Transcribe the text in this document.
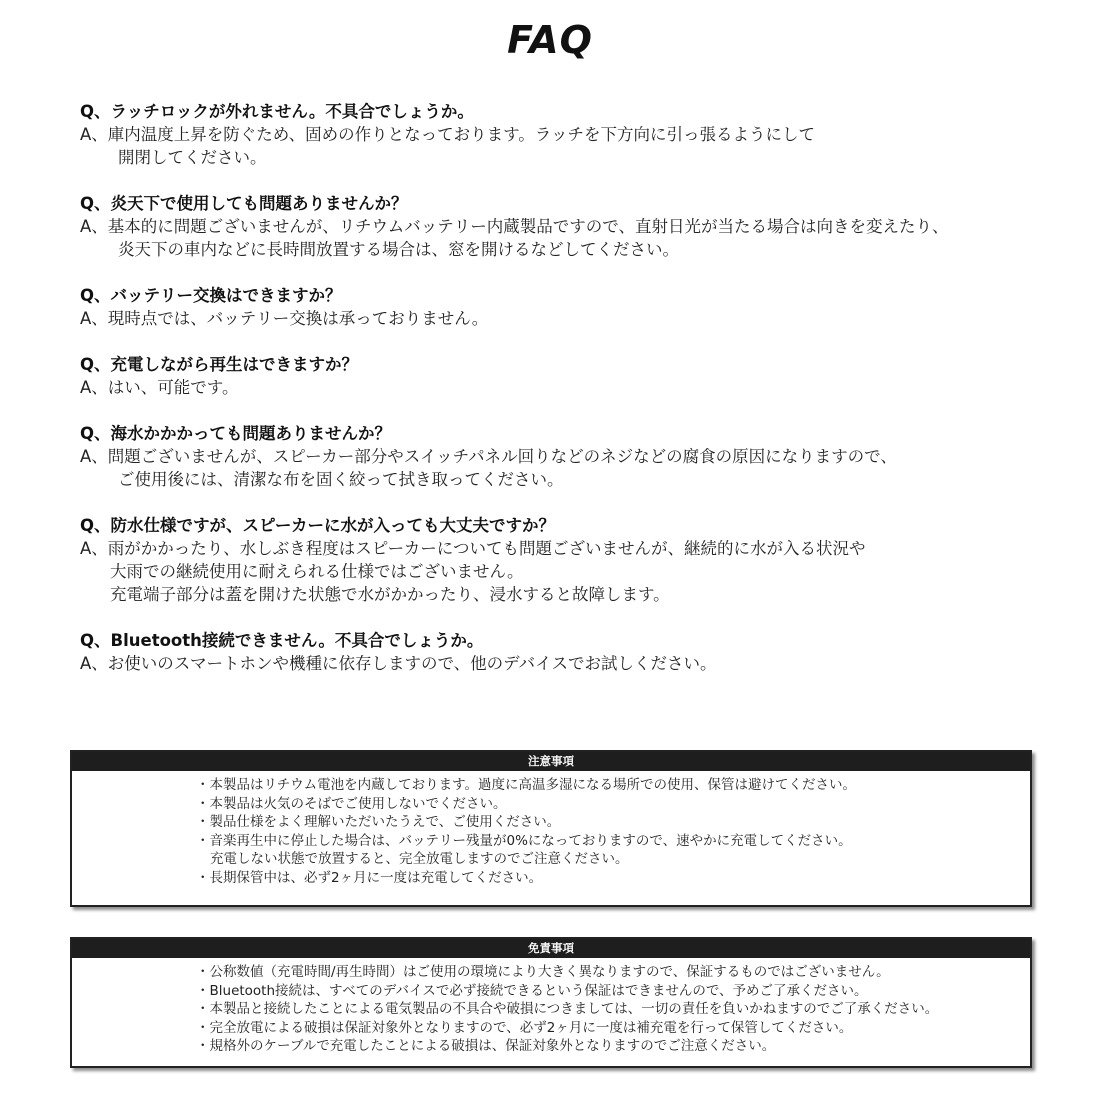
FAQ
Q、ラッチロックが外れません。不具合でしょうか。
A、庫内温度上昇を防ぐため、固めの作りとなっております。ラッチを下方向に引っ張るようにして
開閉してください。
Q、炎天下で使用しても問題ありませんか？
A、基本的に問題ございませんが、リチウムバッテリー内蔵製品ですので、直射日光が当たる場合は向きを変えたり、
炎天下の車内などに長時間放置する場合は、窓を開けるなどしてください。
Q、バッテリー交換はできますか？
A、現時点では、バッテリー交換は承っておりません。
Q、充電しながら再生はできますか？
A、はい、可能です。
Q、海水かかかっても問題ありませんか？
A、問題ございませんが、スピーカー部分やスイッチパネル回りなどのネジなどの腐食の原因になりますので、
ご使用後には、清潔な布を固く絞って拭き取ってください。
Q、防水仕様ですが、スピーカーに水が入っても大丈夫ですか？
A、雨がかかったり、水しぶき程度はスピーカーについても問題ございませんが、継続的に水が入る状況や
大雨での継続使用に耐えられる仕様ではございません。
充電端子部分は蓋を開けた状態で水がかかったり、浸水すると故障します。
Q、Bluetooth接続できません。不具合でしょうか。
A、お使いのスマートホンや機種に依存しますので、他のデバイスでお試しください。
注意事項
・本製品はリチウム電池を内蔵しております。過度に高温多湿になる場所での使用、保管は避けてください。
・本製品は火気のそばでご使用しないでください。
・製品仕様をよく理解いただいたうえで、ご使用ください。
・音楽再生中に停止した場合は、バッテリー残量が0%になっておりますので、速やかに充電してください。
充電しない状態で放置すると、完全放電しますのでご注意ください。
・長期保管中は、必ず2ヶ月に一度は充電してください。
免責事項
・公称数値（充電時間/再生時間）はご使用の環境により大きく異なりますので、保証するものではございません。
・Bluetooth接続は、すべてのデバイスで必ず接続できるという保証はできませんので、予めご了承ください。
・本製品と接続したことによる電気製品の不具合や破損につきましては、一切の責任を負いかねますのでご了承ください。
・完全放電による破損は保証対象外となりますので、必ず2ヶ月に一度は補充電を行って保管してください。
・規格外のケーブルで充電したことによる破損は、保証対象外となりますのでご注意ください。
